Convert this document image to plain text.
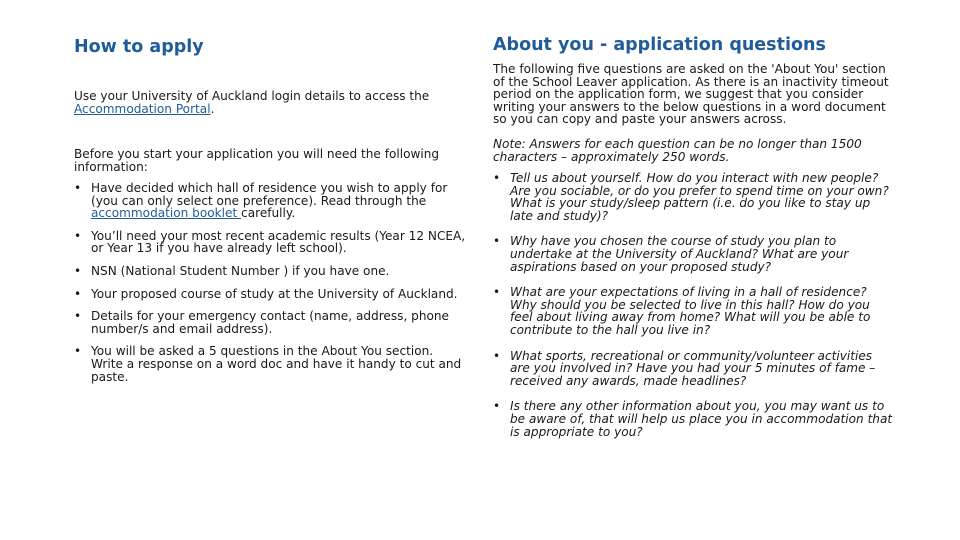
How to apply

Use your University of Auckland login details to access the Accommodation Portal.

Before you start your application you will need the following information:

• Have decided which hall of residence you wish to apply for (you can only select one preference). Read through the accommodation booklet carefully.
• You’ll need your most recent academic results (Year 12 NCEA, or Year 13 if you have already left school).
• NSN (National Student Number ) if you have one.
• Your proposed course of study at the University of Auckland.
• Details for your emergency contact (name, address, phone number/s and email address).
• You will be asked a 5 questions in the About You section. Write a response on a word doc and have it handy to cut and paste.
About you - application questions

The following five questions are asked on the 'About You' section of the School Leaver application. As there is an inactivity timeout period on the application form, we suggest that you consider writing your answers to the below questions in a word document so you can copy and paste your answers across.

Note: Answers for each question can be no longer than 1500 characters – approximately 250 words.

• Tell us about yourself. How do you interact with new people? Are you sociable, or do you prefer to spend time on your own? What is your study/sleep pattern (i.e. do you like to stay up late and study)?
• Why have you chosen the course of study you plan to undertake at the University of Auckland? What are your aspirations based on your proposed study?
• What are your expectations of living in a hall of residence? Why should you be selected to live in this hall? How do you feel about living away from home? What will you be able to contribute to the hall you live in?
• What sports, recreational or community/volunteer activities are you involved in? Have you had your 5 minutes of fame – received any awards, made headlines?
• Is there any other information about you, you may want us to be aware of, that will help us place you in accommodation that is appropriate to you?
